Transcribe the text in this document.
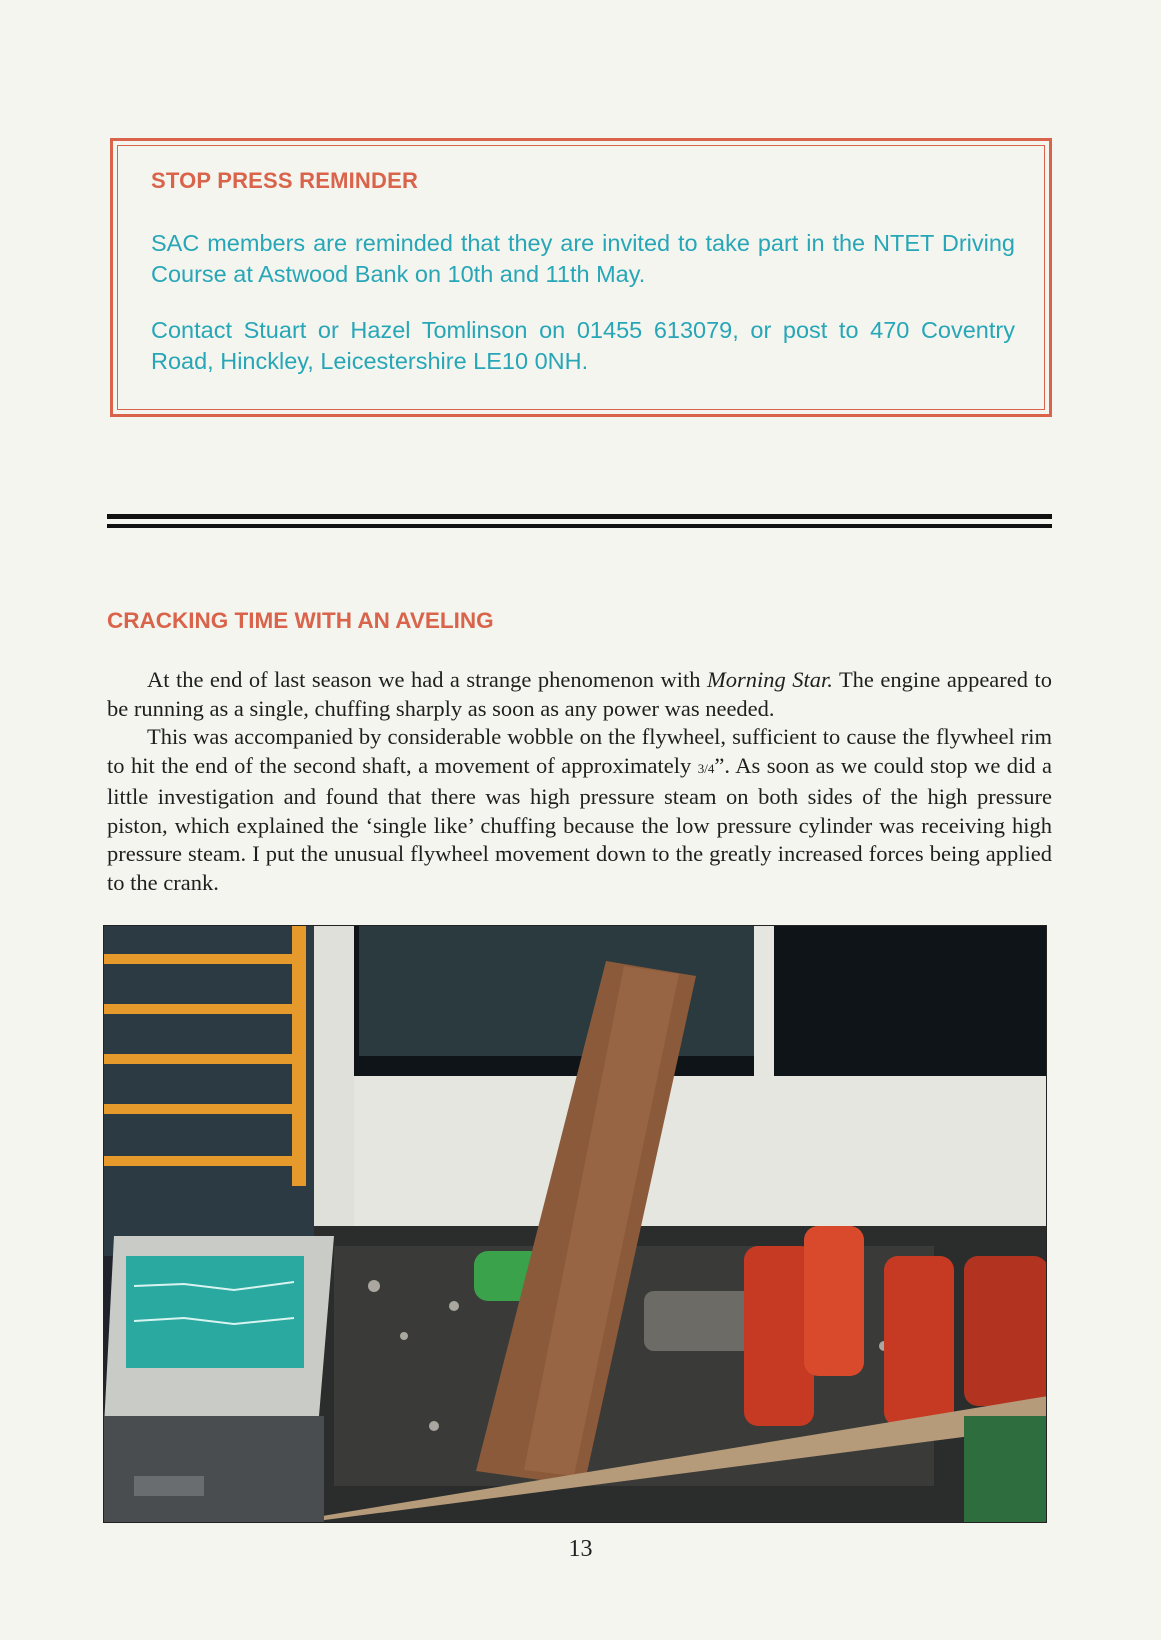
STOP PRESS REMINDER
SAC members are reminded that they are invited to take part in the NTET Driving Course at Astwood Bank on 10th and 11th May.
Contact Stuart or Hazel Tomlinson on 01455 613079, or post to 470 Coventry Road, Hinckley, Leicestershire LE10 0NH.
CRACKING TIME WITH AN AVELING

At the end of last season we had a strange phenomenon with Morning Star. The engine appeared to be running as a single, chuffing sharply as soon as any power was needed.

This was accompanied by considerable wobble on the flywheel, sufficient to cause the flywheel rim to hit the end of the second shaft, a movement of approximately 3/4”. As soon as we could stop we did a little investigation and found that there was high pressure steam on both sides of the high pressure piston, which explained the ‘single like’ chuffing because the low pressure cylinder was receiving high pressure steam. I put the unusual flywheel movement down to the greatly increased forces being applied to the crank.

13
